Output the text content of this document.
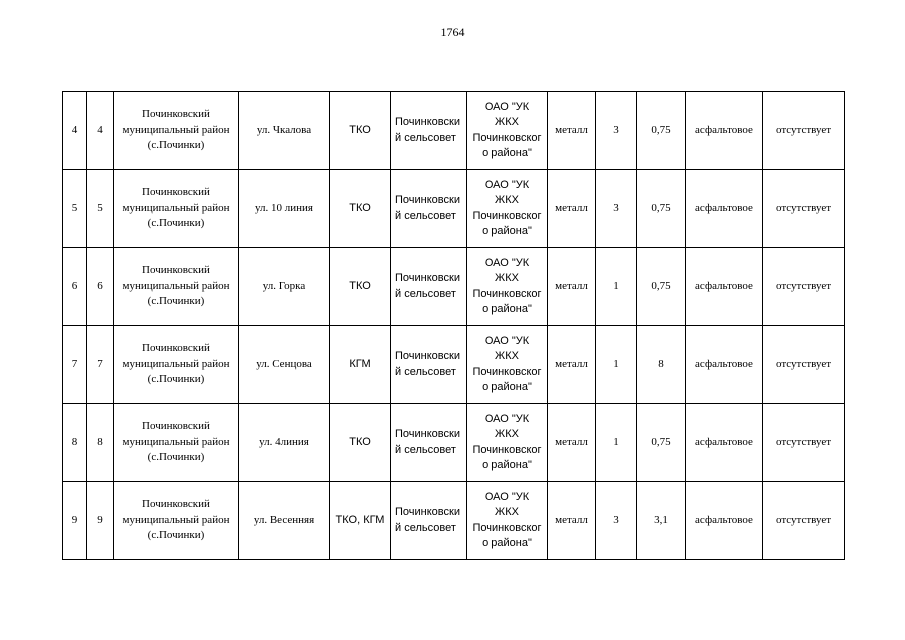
1764
4	4	Починковский
муниципальный район
(с.Починки)	ул. Чкалова	ТКО	Починковски
й сельсовет	ОАО "УК
ЖКХ
Починковског
о района"	металл	3	0,75	асфальтовое	отсутствует
5	5	Починковский
муниципальный район
(с.Починки)	ул. 10 линия	ТКО	Починковски
й сельсовет	ОАО "УК
ЖКХ
Починковског
о района"	металл	3	0,75	асфальтовое	отсутствует
6	6	Починковский
муниципальный район
(с.Починки)	ул. Горка	ТКО	Починковски
й сельсовет	ОАО "УК
ЖКХ
Починковског
о района"	металл	1	0,75	асфальтовое	отсутствует
7	7	Починковский
муниципальный район
(с.Починки)	ул. Сенцова	КГМ	Починковски
й сельсовет	ОАО "УК
ЖКХ
Починковског
о района"	металл	1	8	асфальтовое	отсутствует
8	8	Починковский
муниципальный район
(с.Починки)	ул. 4линия	ТКО	Починковски
й сельсовет	ОАО "УК
ЖКХ
Починковског
о района"	металл	1	0,75	асфальтовое	отсутствует
9	9	Починковский
муниципальный район
(с.Починки)	ул. Весенняя	ТКО, КГМ	Починковски
й сельсовет	ОАО "УК
ЖКХ
Починковског
о района"	металл	3	3,1	асфальтовое	отсутствует
